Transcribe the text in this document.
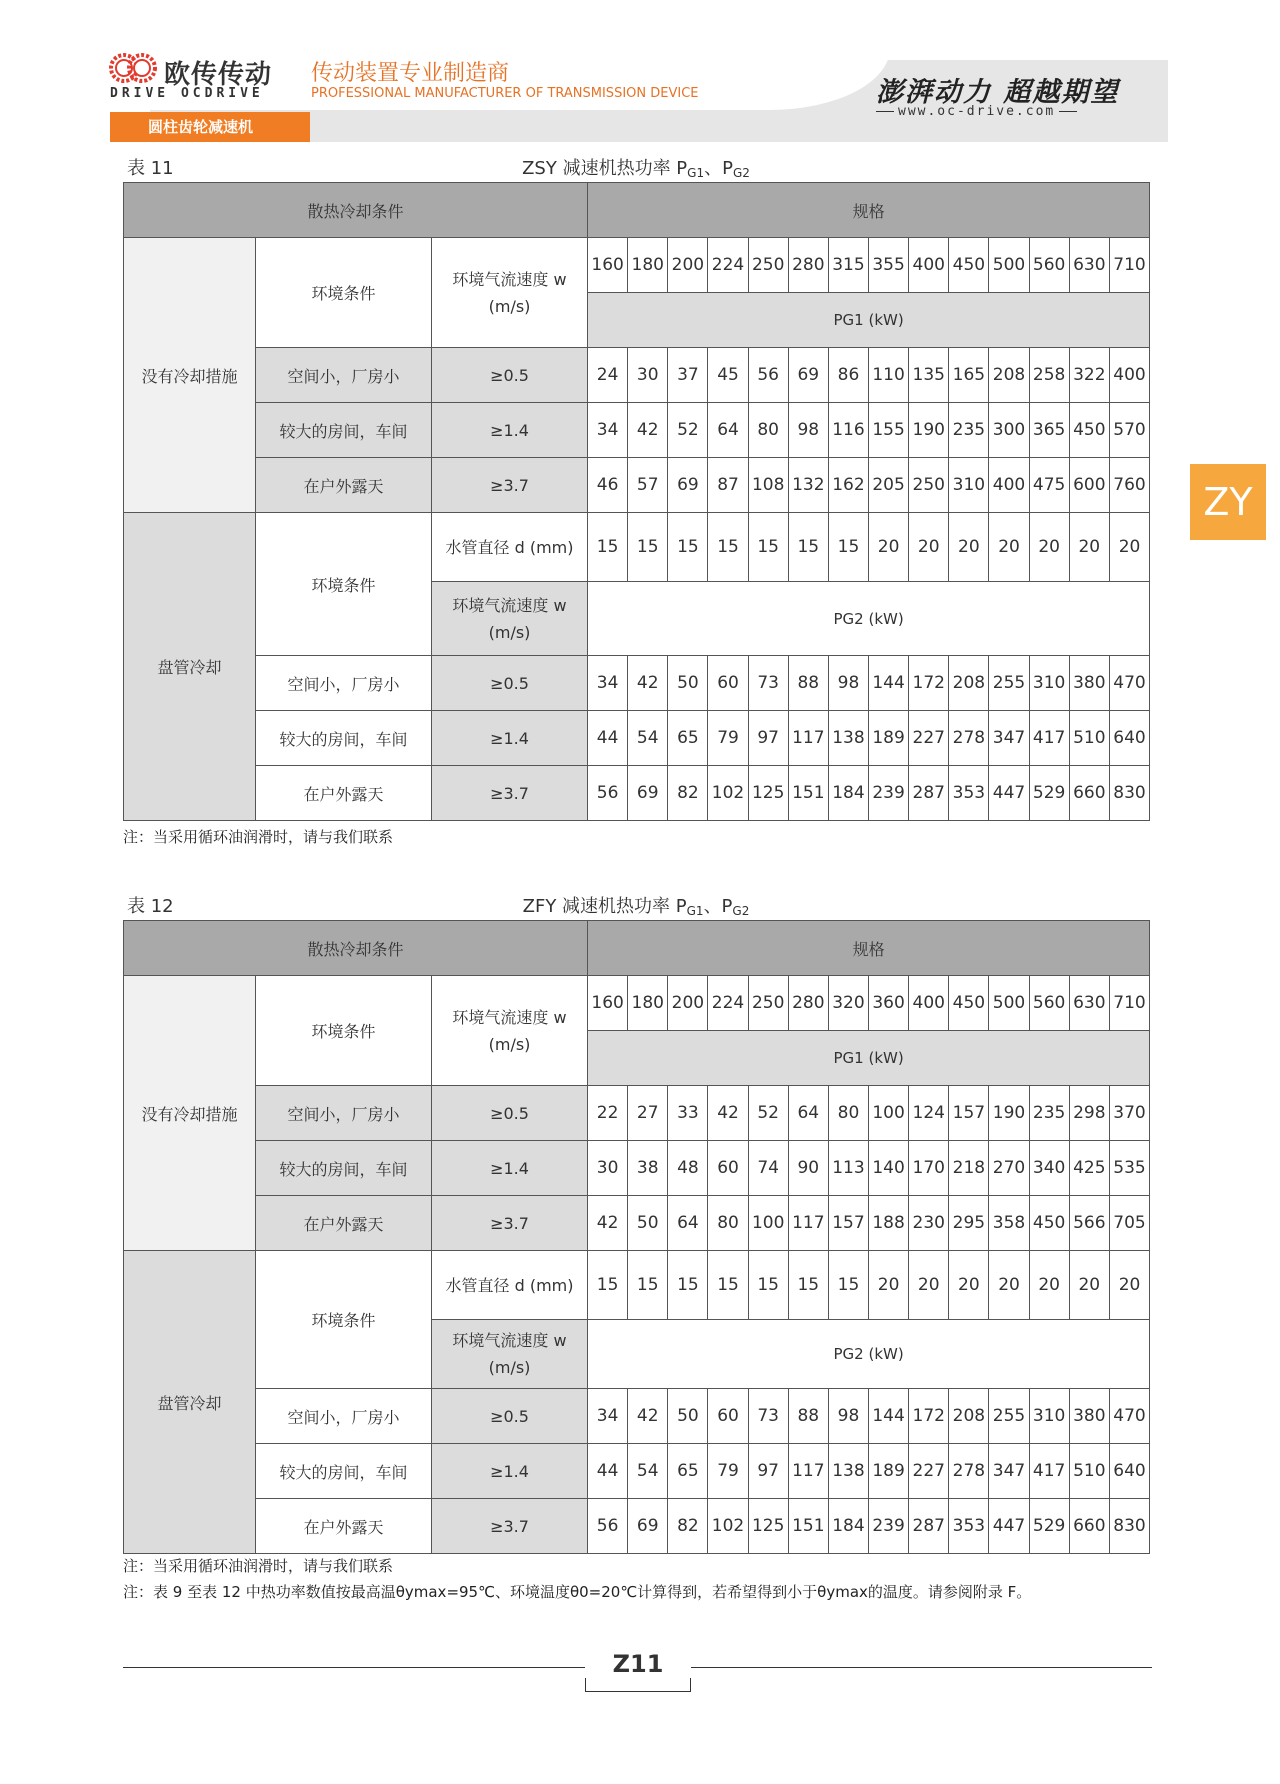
欧传传动
DRIVE OCDRIVE
传动装置专业制造商
PROFESSIONAL MANUFACTURER OF TRANSMISSION DEVICE	澎湃动力 超越期望
www.oc-drive.com
圆柱齿轮减速机
ZY
表 11	ZSY 减速机热功率 $P_{G1}$、$P_{G2}$
散热冷却条件			规格													
没有冷却措施	环境条件	环境气流速度 w (m/s)	160	180	200	224	250	280	315	355	400	450	500	560	630	710
			PG1 (kW)													
	空间小，厂房小	≥0.5	24	30	37	45	56	69	86	110	135	165	208	258	322	400
	较大的房间，车间	≥1.4	34	42	52	64	80	98	116	155	190	235	300	365	450	570
	在户外露天	≥3.7	46	57	69	87	108	132	162	205	250	310	400	475	600	760
盘管冷却	环境条件	水管直径 d (mm)	15	15	15	15	15	15	15	20	20	20	20	20	20	20
		环境气流速度 w (m/s)	PG2 (kW)													
	空间小，厂房小	≥0.5	34	42	50	60	73	88	98	144	172	208	255	310	380	470
	较大的房间，车间	≥1.4	44	54	65	79	97	117	138	189	227	278	347	417	510	640
	在户外露天	≥3.7	56	69	82	102	125	151	184	239	287	353	447	529	660	830
注：当采用循环油润滑时，请与我们联系
表 12	ZFY 减速机热功率 $P_{G1}$、$P_{G2}$
散热冷却条件			规格													
没有冷却措施	环境条件	环境气流速度 w (m/s)	160	180	200	224	250	280	320	360	400	450	500	560	630	710
			PG1 (kW)													
	空间小，厂房小	≥0.5	22	27	33	42	52	64	80	100	124	157	190	235	298	370
	较大的房间，车间	≥1.4	30	38	48	60	74	90	113	140	170	218	270	340	425	535
	在户外露天	≥3.7	42	50	64	80	100	117	157	188	230	295	358	450	566	705
盘管冷却	环境条件	水管直径 d (mm)	15	15	15	15	15	15	15	20	20	20	20	20	20	20
		环境气流速度 w (m/s)	PG2 (kW)													
	空间小，厂房小	≥0.5	34	42	50	60	73	88	98	144	172	208	255	310	380	470
	较大的房间，车间	≥1.4	44	54	65	79	97	117	138	189	227	278	347	417	510	640
	在户外露天	≥3.7	56	69	82	102	125	151	184	239	287	353	447	529	660	830
注：当采用循环油润滑时，请与我们联系
注：表 9 至表 12 中热功率数值按最高温θymax=95℃、环境温度θ0=20℃计算得到，若希望得到小于θymax的温度。请参阅附录 F。
Z11
